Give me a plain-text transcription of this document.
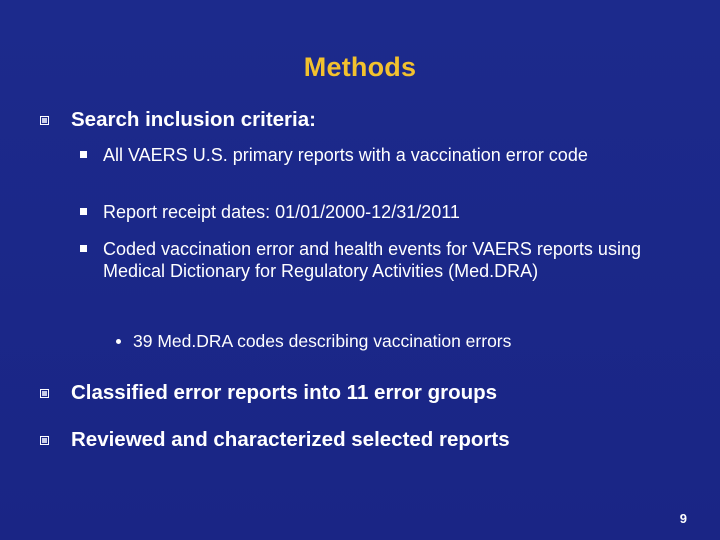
Methods
Search inclusion criteria:
All VAERS U.S. primary reports with a vaccination error code
Report receipt dates: 01/01/2000-12/31/2011
Coded vaccination error and health events for VAERS reports using Medical Dictionary for Regulatory Activities (Med.DRA)
39 Med.DRA codes describing vaccination errors
Classified error reports into 11 error groups
Reviewed and characterized selected reports
9
